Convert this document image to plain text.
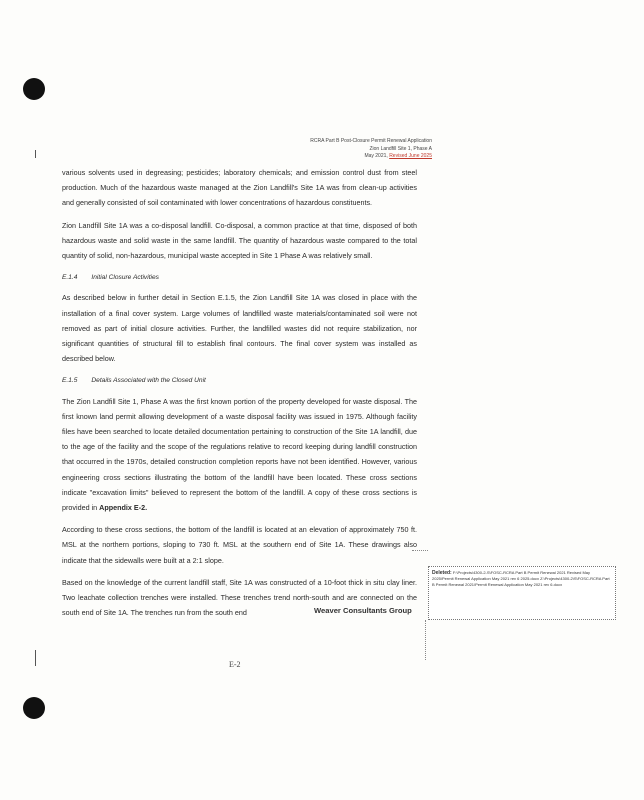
RCRA Part B Post-Closure Permit Renewal Application
Zion Landfill Site 1, Phase A
May 2021, Revised June 2025

various solvents used in degreasing; pesticides; laboratory chemicals; and emission control dust from steel production. Much of the hazardous waste managed at the Zion Landfill's Site 1A was from clean-up activities and generally consisted of soil contaminated with lower concentrations of hazardous constituents.

Zion Landfill Site 1A was a co-disposal landfill. Co-disposal, a common practice at that time, disposed of both hazardous waste and solid waste in the same landfill. The quantity of hazardous waste compared to the total quantity of solid, non-hazardous, municipal waste accepted in Site 1 Phase A was relatively small.

E.1.4 Initial Closure Activities

As described below in further detail in Section E.1.5, the Zion Landfill Site 1A was closed in place with the installation of a final cover system. Large volumes of landfilled waste materials/contaminated soil were not removed as part of initial closure activities. Further, the landfilled wastes did not require stabilization, nor significant quantities of structural fill to establish final contours. The final cover system was installed as described below.

E.1.5 Details Associated with the Closed Unit

The Zion Landfill Site 1, Phase A was the first known portion of the property developed for waste disposal. The first known land permit allowing development of a waste disposal facility was issued in 1975. Although facility files have been searched to locate detailed documentation pertaining to construction of the Site 1A landfill, due to the age of the facility and the scope of the regulations relative to record keeping during landfill construction that occurred in the 1970s, detailed construction completion reports have not been identified. However, various engineering cross sections illustrating the bottom of the landfill have been located. These cross sections indicate "excavation limits" believed to represent the bottom of the landfill. A copy of these cross sections is provided in Appendix E-2.

According to these cross sections, the bottom of the landfill is located at an elevation of approximately 750 ft. MSL at the northern portions, sloping to 730 ft. MSL at the southern end of Site 1A. These drawings also indicate that the sidewalls were built at a 2:1 slope.

Based on the knowledge of the current landfill staff, Site 1A was constructed of a 10-foot thick in situ clay liner. Two leachate collection trenches were installed. These trenches trend north-south and are connected on the south end of Site 1A. The trenches run from the south end

Deleted: F:\Projects\4300-2-S\FOSC-RCRA Part B Permit Renewal 2021 Revised May 2025\Permit Renewal Application May 2021 rev 6 2025.docx Z:\Projects\4300-2\S\FOSC-RCRA Part B Permit Renewal 2021\Permit Renewal Application May 2021 rev 6.docx
Weaver Consultants Group
E-2
